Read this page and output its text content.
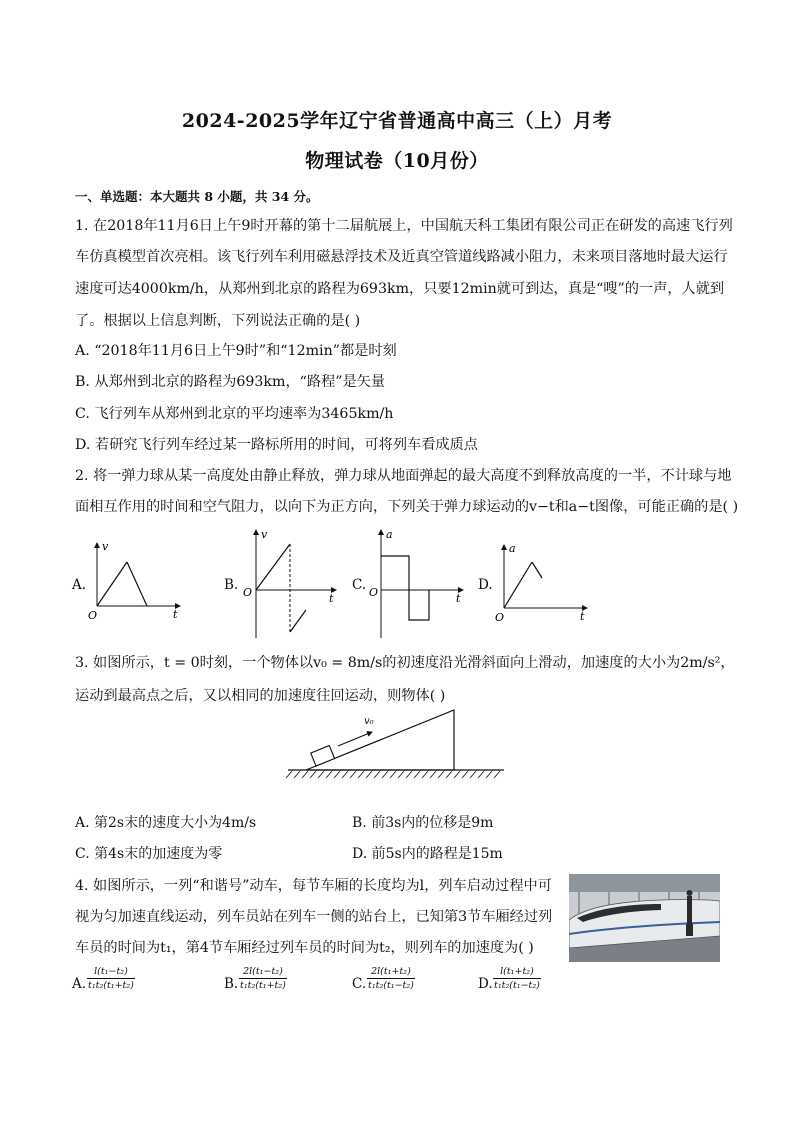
2024-2025学年辽宁省普通高中高三（上）月考
物理试卷（10月份）
一、单选题：本大题共 8 小题，共 34 分。
1. 在2018年11月6日上午9时开幕的第十二届航展上，中国航天科工集团有限公司正在研发的高速飞行列
车仿真模型首次亮相。该飞行列车利用磁悬浮技术及近真空管道线路减小阻力，未来项目落地时最大运行
速度可达4000km/h，从郑州到北京的路程为693km，只要12min就可到达，真是“嗖”的一声，人就到
了。根据以上信息判断，下列说法正确的是( )
A. “2018年11月6日上午9时”和“12min”都是时刻
B. 从郑州到北京的路程为693km，“路程”是矢量
C. 飞行列车从郑州到北京的平均速率为3465km/h
D. 若研究飞行列车经过某一路标所用的时间，可将列车看成质点
2. 将一弹力球从某一高度处由静止释放，弹力球从地面弹起的最大高度不到释放高度的一半，不计球与地
面相互作用的时间和空气阻力，以向下为正方向，下列关于弹力球运动的v−t和a−t图像，可能正确的是( )
A.
v
t
O
B.
v
t
O	C.
a
t
O	D.
a
t
O
3. 如图所示，t = 0时刻，一个物体以v₀ = 8m/s的初速度沿光滑斜面向上滑动，加速度的大小为2m/s²，
运动到最高点之后，又以相同的加速度往回运动，则物体( )
v₀
A. 第2s末的速度大小为4m/s	B. 前3s内的位移是9m
C. 第4s末的加速度为零	D. 前5s内的路程是15m
4. 如图所示，一列“和谐号”动车，每节车厢的长度均为l，列车启动过程中可
视为匀加速直线运动，列车员站在列车一侧的站台上，已知第3节车厢经过列
车员的时间为t₁，第4节车厢经过列车员的时间为t₂，则列车的加速度为( )
A. $\frac{\text{l(t₁−t₂)}}{\text{t₁t₂(t₁+t₂)}}$	B. $\frac{\text{2l(t₁−t₂)}}{\text{t₁t₂(t₁+t₂)}}$	C. $\frac{\text{2l(t₁+t₂)}}{\text{t₁t₂(t₁−t₂)}}$	D. $\frac{\text{l(t₁+t₂)}}{\text{t₁t₂(t₁−t₂)}}$
